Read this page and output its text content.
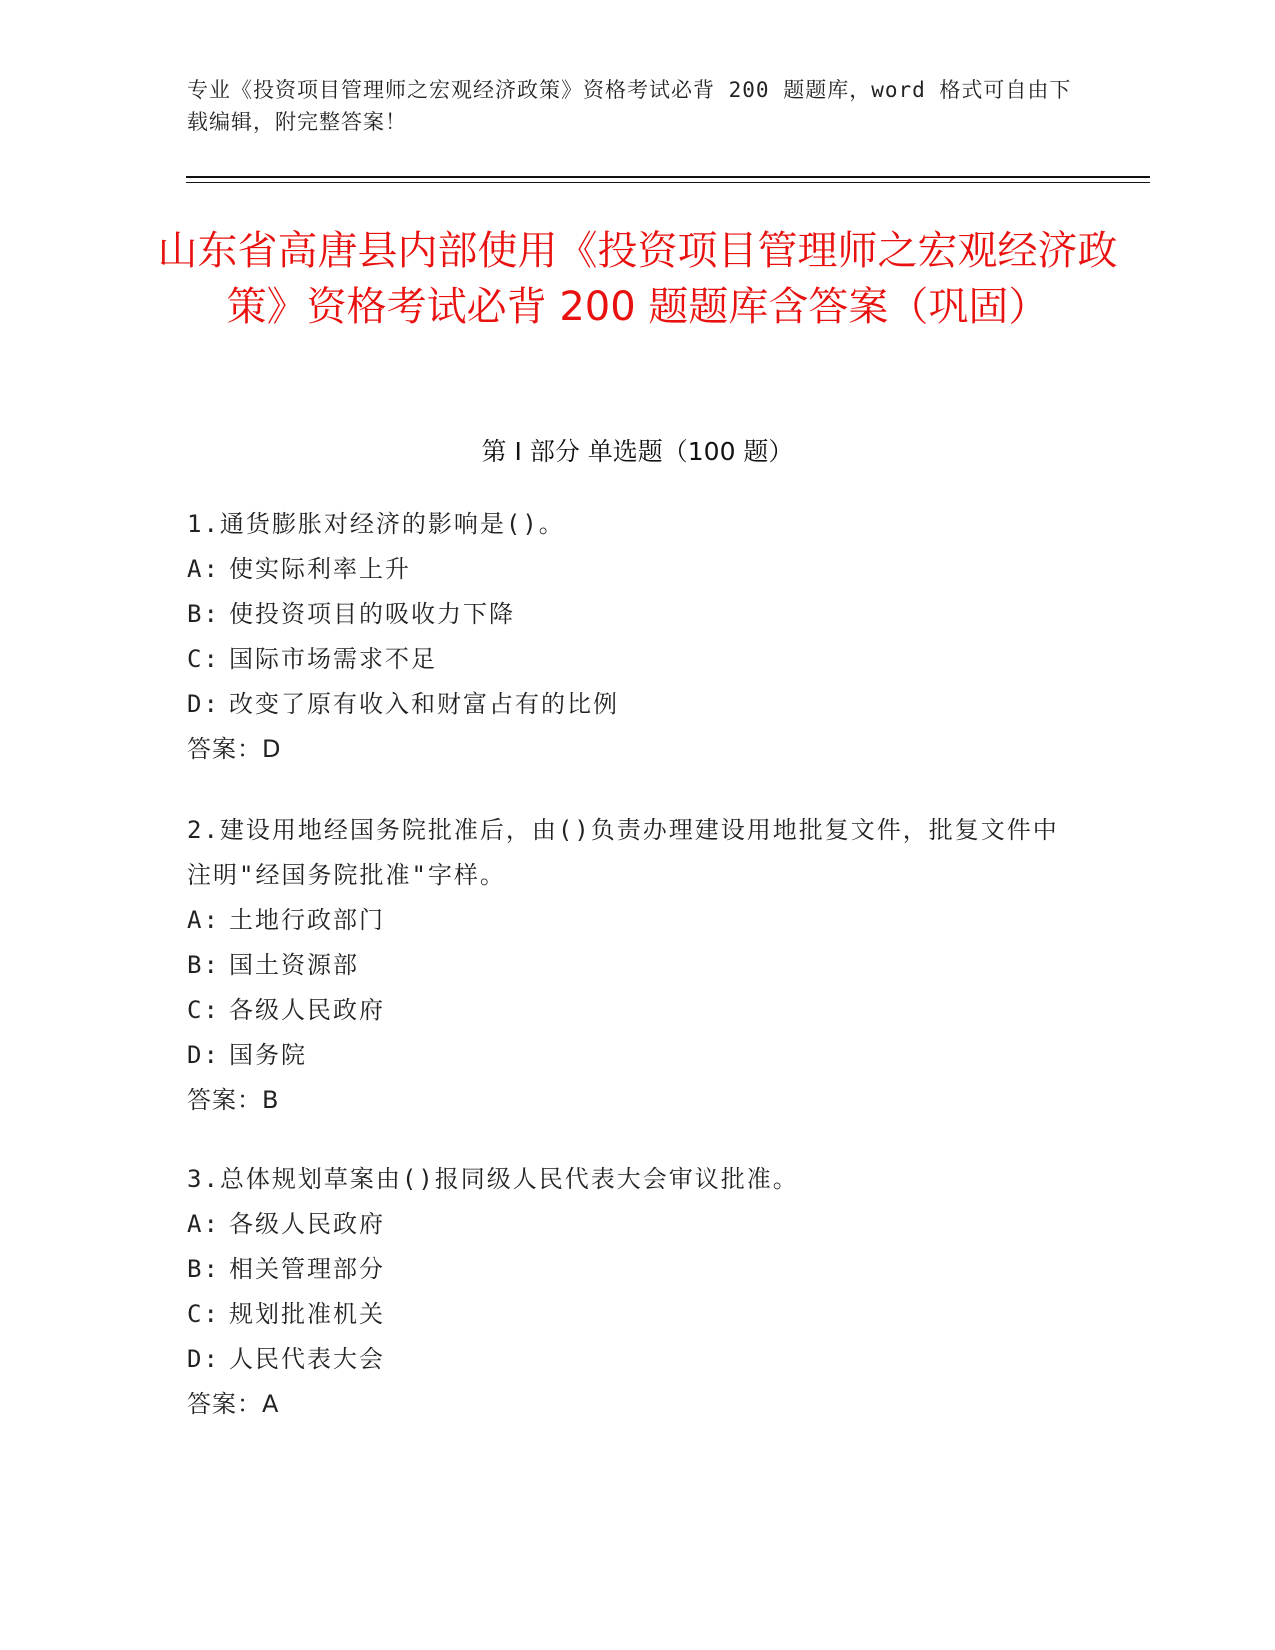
专业《投资项目管理师之宏观经济政策》资格考试必背 200 题题库，word 格式可自由下载编辑，附完整答案！
山东省高唐县内部使用《投资项目管理师之宏观经济政策》资格考试必背 200 题题库含答案（巩固）
第 I 部分 单选题（100 题）
1.通货膨胀对经济的影响是()。
A: 使实际利率上升
B: 使投资项目的吸收力下降
C: 国际市场需求不足
D: 改变了原有收入和财富占有的比例
答案：D
2.建设用地经国务院批准后，由()负责办理建设用地批复文件，批复文件中注明"经国务院批准"字样。
A: 土地行政部门
B: 国土资源部
C: 各级人民政府
D: 国务院
答案：B
3.总体规划草案由()报同级人民代表大会审议批准。
A: 各级人民政府
B: 相关管理部分
C: 规划批准机关
D: 人民代表大会
答案：A
